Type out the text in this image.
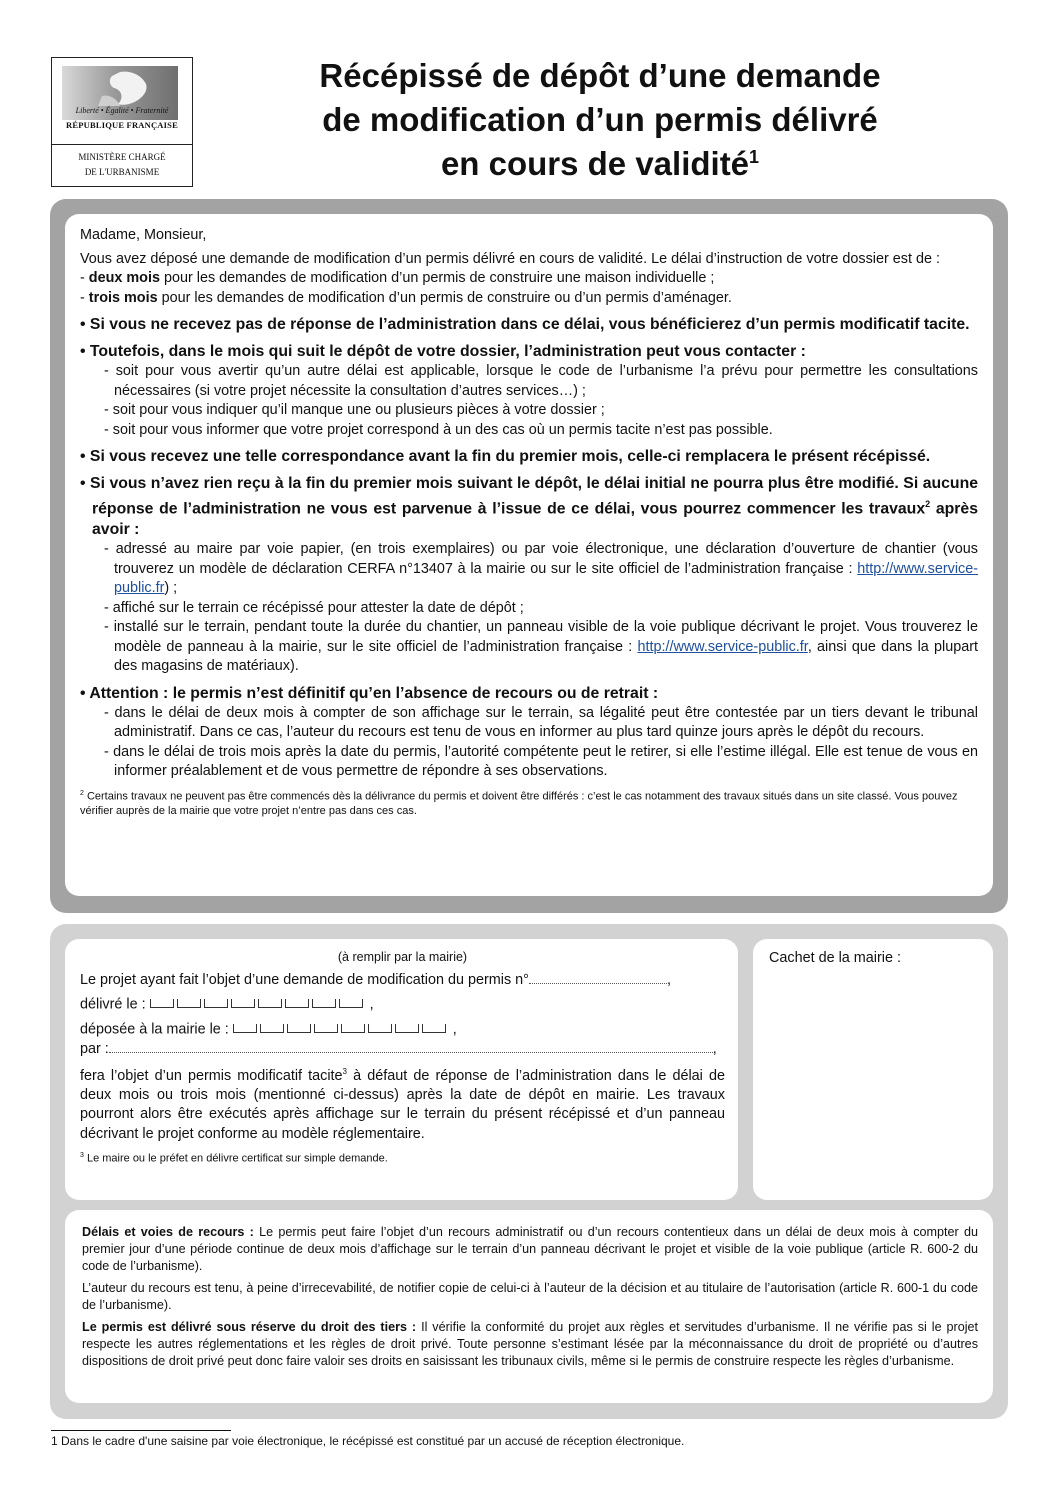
Liberté • Égalité • Fraternité
RÉPUBLIQUE FRANÇAISE
MINISTÈRE CHARGÉ
DE L'URBANISME
Récépissé de dépôt d’une demande
de modification d’un permis délivré
en cours de validité$^1$

Madame, Monsieur,

Vous avez déposé une demande de modification d’un permis délivré en cours de validité. Le délai d’instruction de votre dossier est de :

- deux mois pour les demandes de modification d’un permis de construire une maison individuelle ;

- trois mois pour les demandes de modification d’un permis de construire ou d’un permis d’aménager.

• Si vous ne recevez pas de réponse de l’administration dans ce délai, vous bénéficierez d’un permis modificatif tacite.

• Toutefois, dans le mois qui suit le dépôt de votre dossier, l’administration peut vous contacter :

- soit pour vous avertir qu’un autre délai est applicable, lorsque le code de l’urbanisme l’a prévu pour permettre les consultations nécessaires (si votre projet nécessite la consultation d’autres services…) ;

- soit pour vous indiquer qu’il manque une ou plusieurs pièces à votre dossier ;

- soit pour vous informer que votre projet correspond à un des cas où un permis tacite n’est pas possible.

• Si vous recevez une telle correspondance avant la fin du premier mois, celle-ci remplacera le présent récépissé.

• Si vous n’avez rien reçu à la fin du premier mois suivant le dépôt, le délai initial ne pourra plus être modifié. Si aucune réponse de l’administration ne vous est parvenue à l’issue de ce délai, vous pourrez commencer les travaux$^2$ après avoir :

- adressé au maire par voie papier, (en trois exemplaires) ou par voie électronique, une déclaration d’ouverture de chantier (vous trouverez un modèle de déclaration CERFA n°13407 à la mairie ou sur le site officiel de l’administration française : http://www.service-public.fr) ;

- affiché sur le terrain ce récépissé pour attester la date de dépôt ;

- installé sur le terrain, pendant toute la durée du chantier, un panneau visible de la voie publique décrivant le projet. Vous trouverez le modèle de panneau à la mairie, sur le site officiel de l’administration française : http://www.service-public.fr, ainsi que dans la plupart des magasins de matériaux).

• Attention : le permis n’est définitif qu’en l’absence de recours ou de retrait :

- dans le délai de deux mois à compter de son affichage sur le terrain, sa légalité peut être contestée par un tiers devant le tribunal administratif. Dans ce cas, l’auteur du recours est tenu de vous en informer au plus tard quinze jours après le dépôt du recours.

- dans le délai de trois mois après la date du permis, l’autorité compétente peut le retirer, si elle l’estime illégal. Elle est tenue de vous en informer préalablement et de vous permettre de répondre à ses observations.

$^2$ Certains travaux ne peuvent pas être commencés dès la délivrance du permis et doivent être différés : c’est le cas notamment des travaux situés dans un site classé. Vous pouvez vérifier auprès de la mairie que votre projet n’entre pas dans ces cas.

(à remplir par la mairie)
Le projet ayant fait l’objet d’une demande de modification du permis n°	,
délivré le :	,
déposée à la mairie le :	,
par :	,
fera l’objet d’un permis modificatif tacite$^3$ à défaut de réponse de l’administration dans le délai de deux mois ou trois mois (mentionné ci-dessus) après la date de dépôt en mairie. Les travaux pourront alors être exécutés après affichage sur le terrain du présent récépissé et d’un panneau décrivant le projet conforme au modèle réglementaire.
$^3$ Le maire ou le préfet en délivre certificat sur simple demande.
Cachet de la mairie :

Délais et voies de recours : Le permis peut faire l’objet d’un recours administratif ou d’un recours contentieux dans un délai de deux mois à compter du premier jour d’une période continue de deux mois d’affichage sur le terrain d’un panneau décrivant le projet et visible de la voie publique (article R. 600-2 du code de l’urbanisme).

L’auteur du recours est tenu, à peine d’irrecevabilité, de notifier copie de celui-ci à l’auteur de la décision et au titulaire de l’autorisation (article R. 600-1 du code de l’urbanisme).

Le permis est délivré sous réserve du droit des tiers : Il vérifie la conformité du projet aux règles et servitudes d’urbanisme. Il ne vérifie pas si le projet respecte les autres réglementations et les règles de droit privé. Toute personne s’estimant lésée par la méconnaissance du droit de propriété ou d’autres dispositions de droit privé peut donc faire valoir ses droits en saisissant les tribunaux civils, même si le permis de construire respecte les règles d’urbanisme.

1 Dans le cadre d'une saisine par voie électronique, le récépissé est constitué par un accusé de réception électronique.
